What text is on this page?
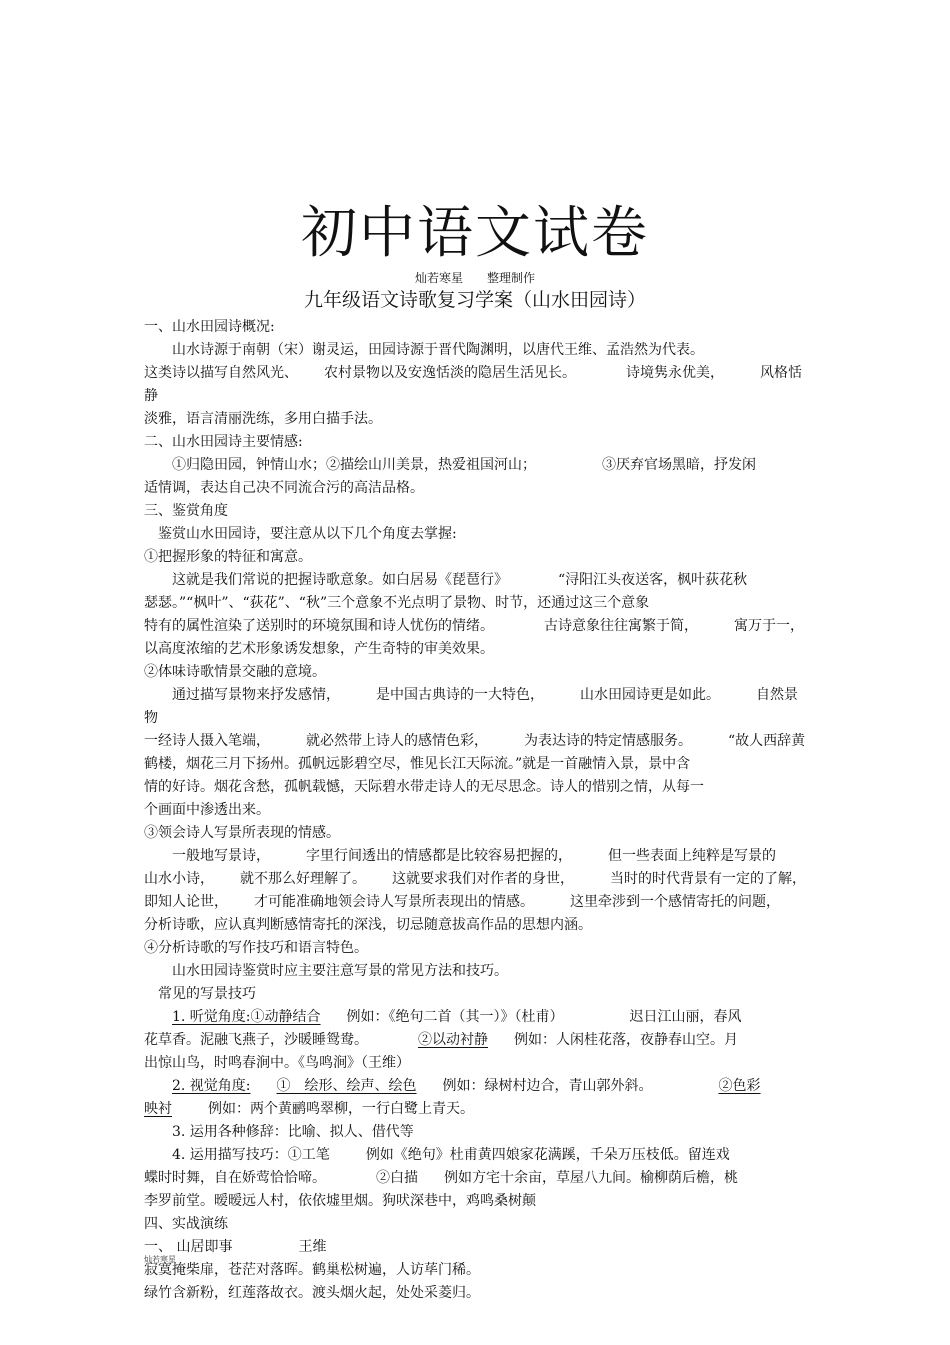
初中语文试卷

灿若寒星　　整理制作

九年级语文诗歌复习学案（山水田园诗）

一、山水田园诗概况:

山水诗源于南朝（宋）谢灵运，田园诗源于晋代陶渊明，以唐代王维、孟浩然为代表。

这类诗以描写自然风光、 农村景物以及安逸恬淡的隐居生活见长。	诗境隽永优美，	风格恬静

淡雅，语言清丽洗练，多用白描手法。

二、山水田园诗主要情感:

①归隐田园，钟情山水；②描绘山川美景，热爱祖国河山；	③厌弃官场黑暗，抒发闲

适情调，表达自己决不同流合污的高洁品格。

三、鉴赏角度

鉴赏山水田园诗，要注意从以下几个角度去掌握:

①把握形象的特征和寓意。

这就是我们常说的把握诗歌意象。如白居易《琵琶行》	“浔阳江头夜送客，枫叶荻花秋

瑟瑟。”“枫叶”、“荻花”、“秋”三个意象不光点明了景物、时节，还通过这三个意象

特有的属性渲染了送别时的环境氛围和诗人忧伤的情绪。	古诗意象往往寓繁于简，	寓万于一，

以高度浓缩的艺术形象诱发想象，产生奇特的审美效果。

②体味诗歌情景交融的意境。

通过描写景物来抒发感情，	是中国古典诗的一大特色，	山水田园诗更是如此。	自然景物

一经诗人摄入笔端，	就必然带上诗人的感情色彩，	为表达诗的特定情感服务。	“故人西辞黄

鹤楼，烟花三月下扬州。孤帆远影碧空尽，惟见长江天际流。”就是一首融情入景，景中含

情的好诗。烟花含愁，孤帆载憾，天际碧水带走诗人的无尽思念。诗人的惜别之情，从每一

个画面中渗透出来。

③领会诗人写景所表现的情感。

一般地写景诗，	字里行间透出的情感都是比较容易把握的，	但一些表面上纯粹是写景的

山水小诗， 就不那么好理解了。 这就要求我们对作者的身世，	当时的时代背景有一定的了解，

即知人论世， 才可能准确地领会诗人写景所表现出的情感。	这里牵涉到一个感情寄托的问题，

分析诗歌，应认真判断感情寄托的深浅，切忌随意拔高作品的思想内涵。

④分析诗歌的写作技巧和语言特色。

山水田园诗鉴赏时应主要注意写景的常见方法和技巧。

常见的写景技巧

1. 听觉角度:①动静结合 例如：《绝句二首（其一）》（杜甫）	迟日江山丽，春风

花草香。泥融飞燕子，沙暖睡鸳鸯。	②以动衬静 例如：人闲桂花落，夜静春山空。月

出惊山鸟，时鸣春涧中。《鸟鸣涧》（王维）

2. 视觉角度: ①　绘形、绘声、绘色 例如：绿树村边合，青山郭外斜。	②色彩

映衬	例如：两个黄鹂鸣翠柳，一行白鹭上青天。

3. 运用各种修辞：比喻、拟人、借代等

4. 运用描写技巧：①工笔	例如《绝句》杜甫黄四娘家花满蹊，千朵万压枝低。留连戏

蝶时时舞，自在娇莺恰恰啼。	②白描 例如方宅十余亩，草屋八九间。榆柳荫后檐，桃

李罗前堂。暧暧远人村，依依墟里烟。狗吠深巷中，鸡鸣桑树颠

四、实战演练

一、 山居即事	王维

寂寞掩柴扉，苍茫对落晖。鹤巢松树遍，人访荜门稀。

绿竹含新粉，红莲落故衣。渡头烟火起，处处采菱归。

灿若寒星
